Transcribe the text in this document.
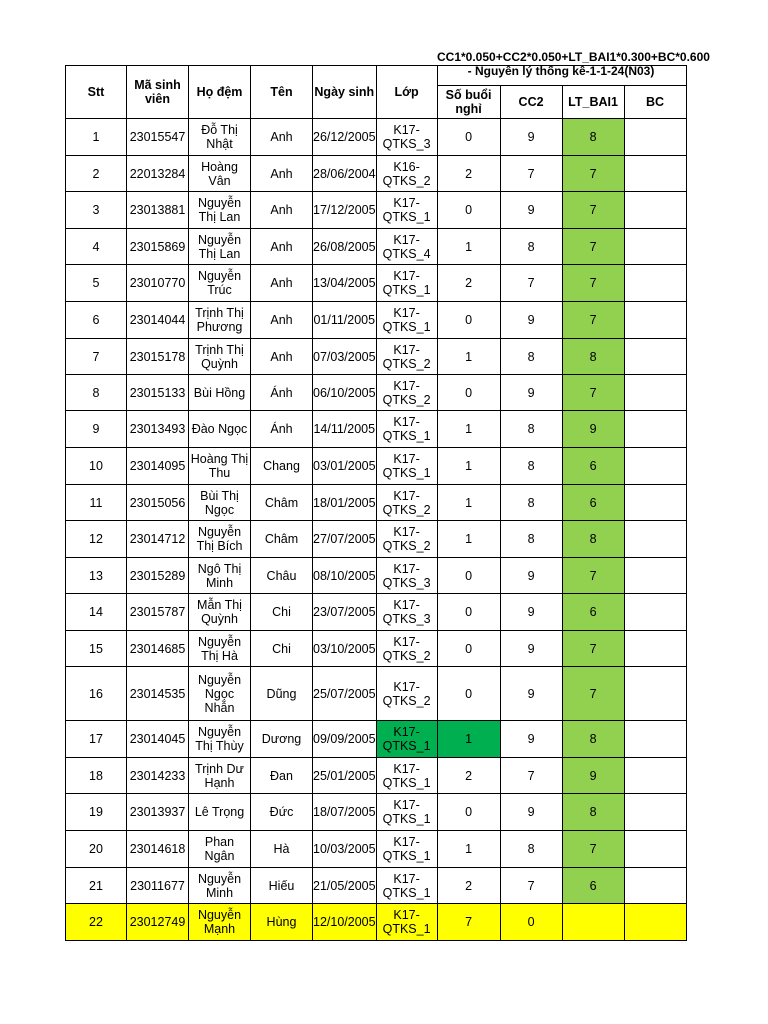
CC1*0.050+CC2*0.050+LT_BAI1*0.300+BC*0.600 - Nguyên lý thống kê-1-1-24(N03)
Stt	Mã sinh viên	Họ đệm	Tên	Ngày sinh	Lớp				
						Số buổi nghỉ	CC2	LT_BAI1	BC
1	23015547	Đỗ Thị Nhật	Anh	26/12/2005	K17-QTKS_3	0	9	8	
2	22013284	Hoàng Vân	Anh	28/06/2004	K16-QTKS_2	2	7	7	
3	23013881	Nguyễn Thị Lan	Anh	17/12/2005	K17-QTKS_1	0	9	7	
4	23015869	Nguyễn Thị Lan	Anh	26/08/2005	K17-QTKS_4	1	8	7	
5	23010770	Nguyễn Trúc	Anh	13/04/2005	K17-QTKS_1	2	7	7	
6	23014044	Trịnh Thị Phương	Anh	01/11/2005	K17-QTKS_1	0	9	7	
7	23015178	Trịnh Thị Quỳnh	Anh	07/03/2005	K17-QTKS_2	1	8	8	
8	23015133	Bùi Hồng	Ánh	06/10/2005	K17-QTKS_2	0	9	7	
9	23013493	Đào Ngọc	Ánh	14/11/2005	K17-QTKS_1	1	8	9	
10	23014095	Hoàng Thị Thu	Chang	03/01/2005	K17-QTKS_1	1	8	6	
11	23015056	Bùi Thị Ngọc	Châm	18/01/2005	K17-QTKS_2	1	8	6	
12	23014712	Nguyễn Thị Bích	Châm	27/07/2005	K17-QTKS_2	1	8	8	
13	23015289	Ngô Thị Minh	Châu	08/10/2005	K17-QTKS_3	0	9	7	
14	23015787	Mẫn Thị Quỳnh	Chi	23/07/2005	K17-QTKS_3	0	9	6	
15	23014685	Nguyễn Thị Hà	Chi	03/10/2005	K17-QTKS_2	0	9	7	
16	23014535	Nguyễn Ngọc Nhẫn	Dũng	25/07/2005	K17-QTKS_2	0	9	7	
17	23014045	Nguyễn Thị Thùy	Dương	09/09/2005	K17-QTKS_1	1	9	8	
18	23014233	Trịnh Dư Hạnh	Đan	25/01/2005	K17-QTKS_1	2	7	9	
19	23013937	Lê Trọng	Đức	18/07/2005	K17-QTKS_1	0	9	8	
20	23014618	Phan Ngân	Hà	10/03/2005	K17-QTKS_1	1	8	7	
21	23011677	Nguyễn Minh	Hiếu	21/05/2005	K17-QTKS_1	2	7	6	
22	23012749	Nguyễn Mạnh	Hùng	12/10/2005	K17-QTKS_1	7	0		
